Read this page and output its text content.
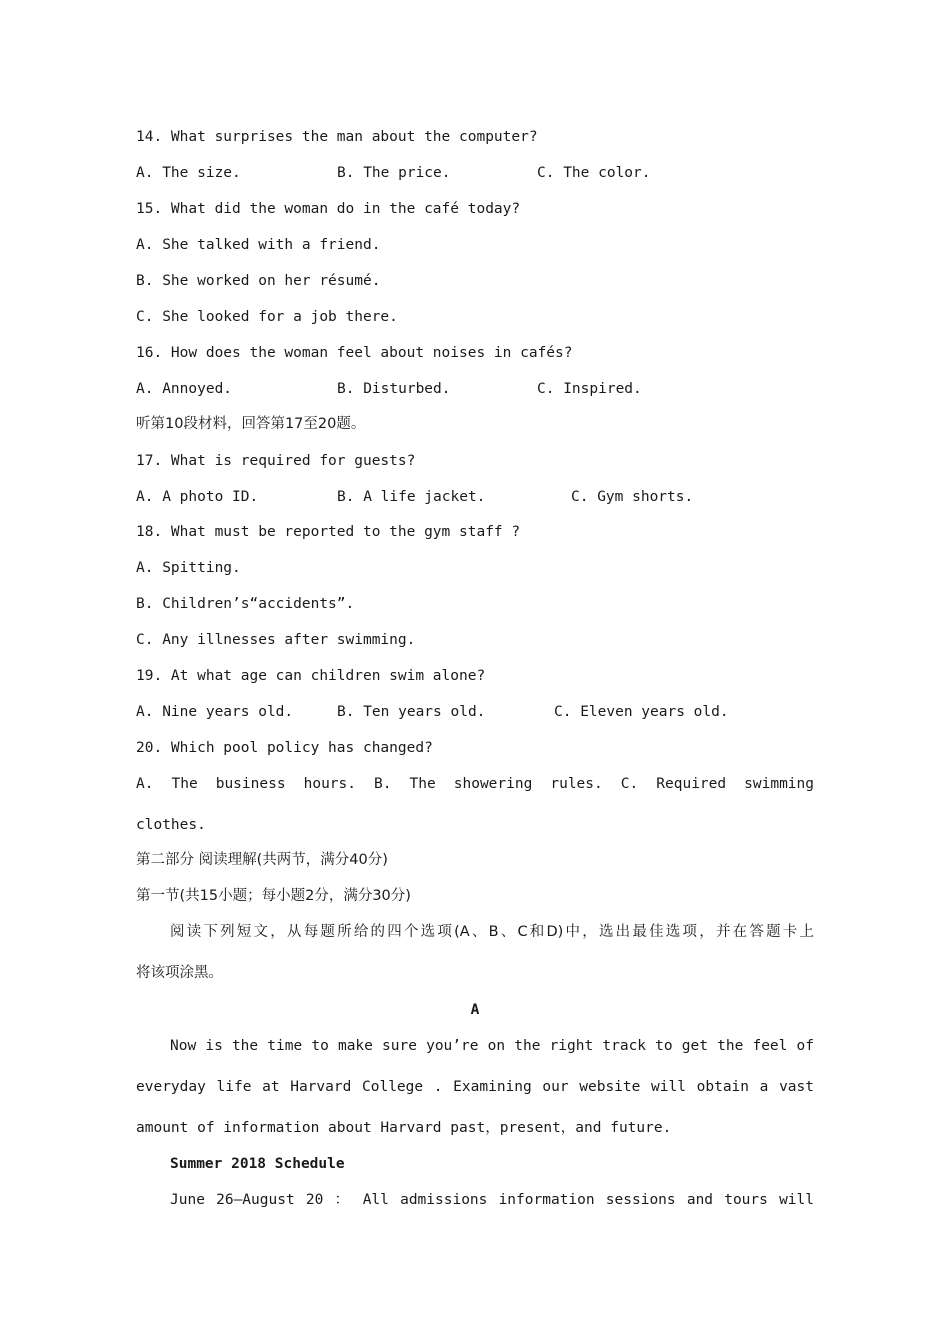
14. What surprises the man about the computer?
A. The size.	B. The price.	C. The color.
15. What did the woman do in the café today?
A. She talked with a friend.
B. She worked on her résumé.
C. She looked for a job there.
16. How does the woman feel about noises in cafés?
A. Annoyed.	B. Disturbed.	C. Inspired.
听第10段材料，回答第17至20题。
17. What is required for guests?
A. A photo ID.	B. A life jacket.	C. Gym shorts.
18. What must be reported to the gym staff ?
A. Spitting.
B. Children’s“accidents”.
C. Any illnesses after swimming.
19. At what age can children swim alone?
A. Nine years old.	B. Ten years old.	C. Eleven years old.
20. Which pool policy has changed?
A. The business hours. B. The showering rules. C. Required swimming
clothes.
第二部分 阅读理解(共两节，满分40分)
第一节(共15小题；每小题2分，满分30分)
阅读下列短文，从每题所给的四个选项(A、B、C和D)中，选出最佳选项，并在答题卡上
将该项涂黑。
A
Now is the time to make sure you’re on the right track to get the feel of
everyday life at Harvard College . Examining our website will obtain a vast
amount of information about Harvard past，present，and future.
Summer 2018 Schedule
June 26—August 20 ： All admissions information sessions and tours will
